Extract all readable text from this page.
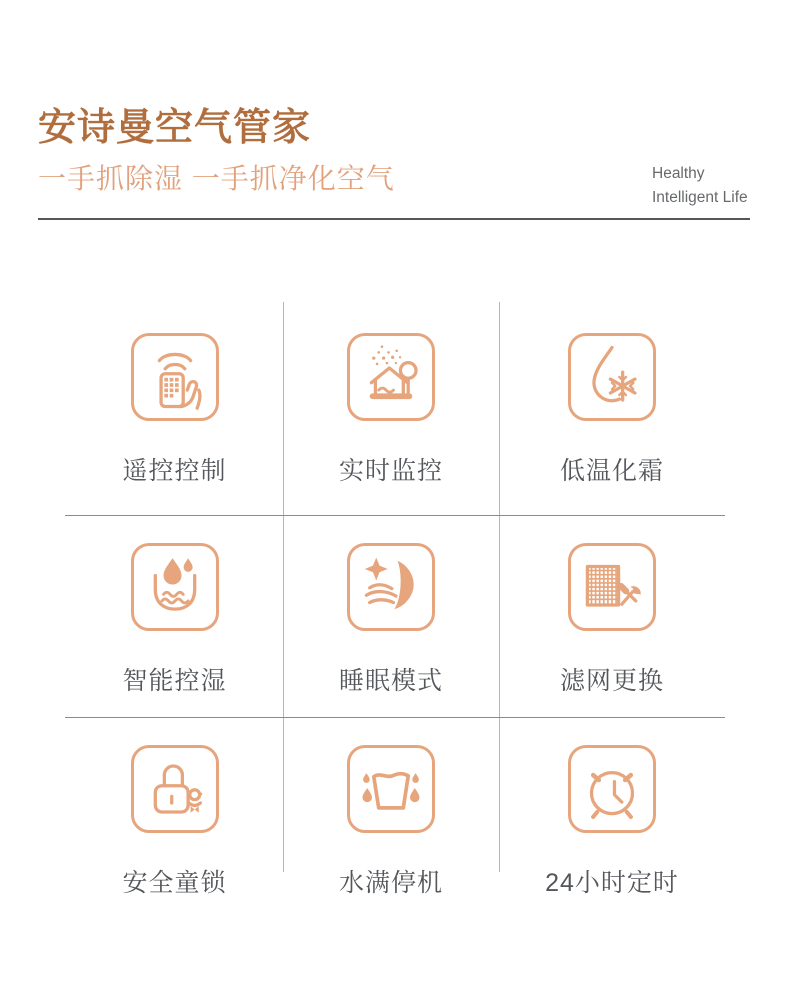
安诗曼空气管家
一手抓除湿 一手抓净化空气	Healthy
Intelligent Life
遥控控制	实时监控	低温化霜
智能控湿	睡眠模式	滤网更换
安全童锁	水满停机	24小时定时
